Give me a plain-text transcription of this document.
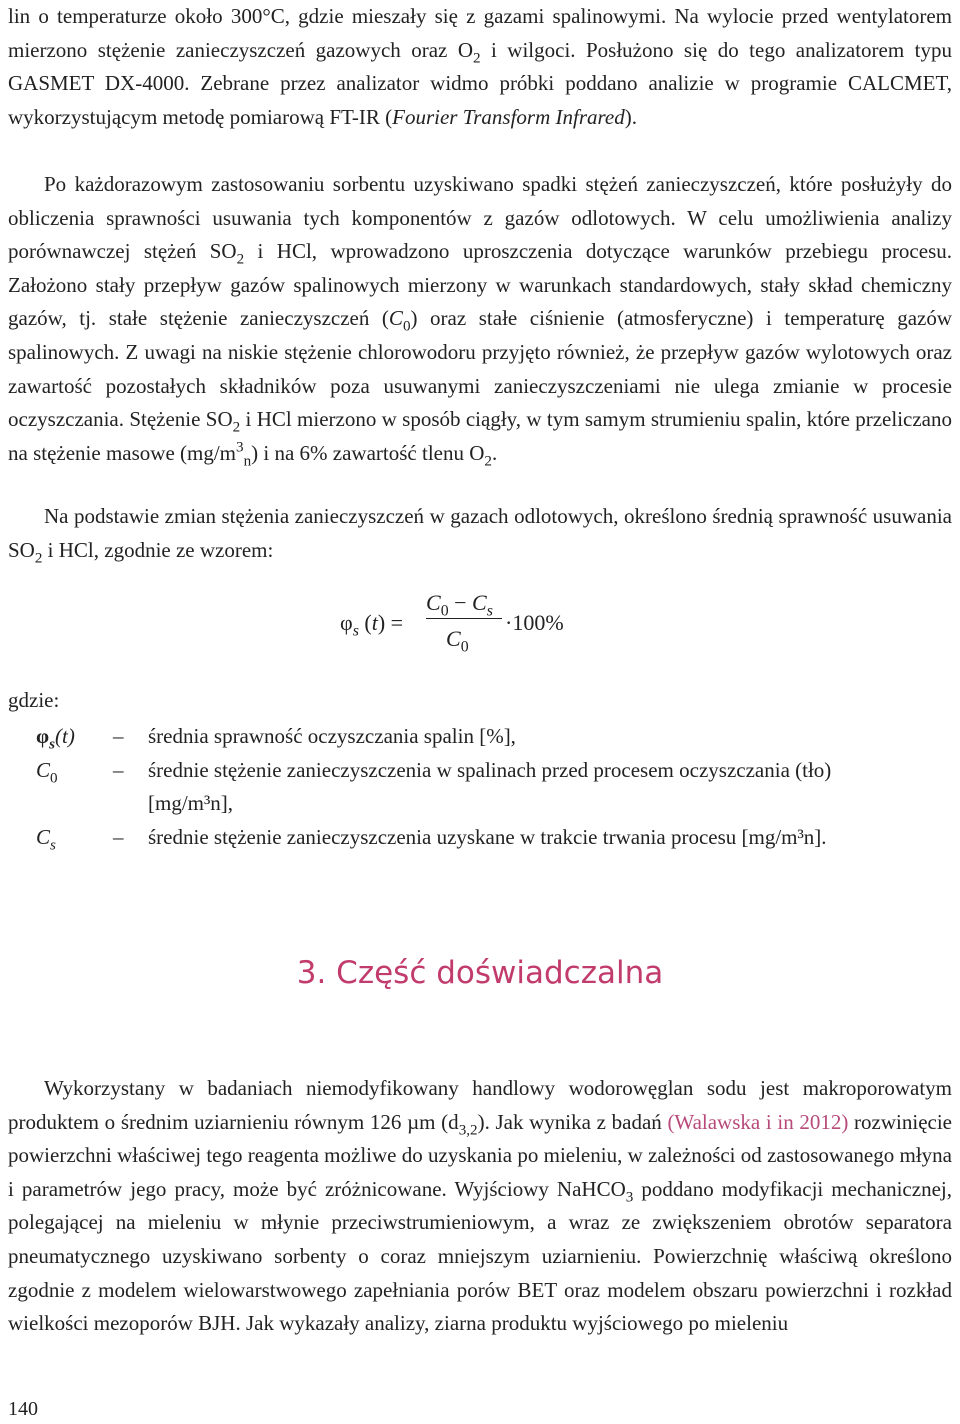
lin o temperaturze około 300°C, gdzie mieszały się z gazami spalinowymi. Na wylocie przed wentylatorem mierzono stężenie zanieczyszczeń gazowych oraz $O_2$ i wilgoci. Posłużono się do tego analizatorem typu GASMET DX-4000. Zebrane przez analizator widmo próbki poddano analizie w programie CALCMET, wykorzystującym metodę pomiarową FT-IR (Fourier Transform Infrared).

Po każdorazowym zastosowaniu sorbentu uzyskiwano spadki stężeń zanieczyszczeń, które posłużyły do obliczenia sprawności usuwania tych komponentów z gazów odlotowych. W celu umożliwienia analizy porównawczej stężeń $SO_2$ i HCl, wprowadzono uproszczenia dotyczące warunków przebiegu procesu. Założono stały przepływ gazów spalinowych mierzony w warunkach standardowych, stały skład chemiczny gazów, tj. stałe stężenie zanieczyszczeń $(C_0)$ oraz stałe ciśnienie (atmosferyczne) i temperaturę gazów spalinowych. Z uwagi na niskie stężenie chlorowodoru przyjęto również, że przepływ gazów wylotowych oraz zawartość pozostałych składników poza usuwanymi zanieczyszczeniami nie ulega zmianie w procesie oczyszczania. Stężenie $SO_2$ i HCl mierzono w sposób ciągły, w tym samym strumieniu spalin, które przeliczano na stężenie masowe $(mg/m^3_n)$ i na 6% zawartość tlenu $O_2$.

Na podstawie zmian stężenia zanieczyszczeń w gazach odlotowych, określono średnią sprawność usuwania $SO_2$ i HCl, zgodnie ze wzorem:

$\varphi_s$ (t) =
$C_0 - C_s$
$C_0$
·100%
gdzie:
$\varphi_s(t)$ – średnia sprawność oczyszczania spalin [%],
$C_0$	– średnie stężenie zanieczyszczenia w spalinach przed procesem oczyszczania (tło)
[mg/m³n],
$C_s$	– średnie stężenie zanieczyszczenia uzyskane w trakcie trwania procesu [mg/m³n].
3. Część doświadczalna

Wykorzystany w badaniach niemodyfikowany handlowy wodorowęglan sodu jest makroporowatym produktem o średnim uziarnieniu równym 126 µm $(d_{3,2})$. Jak wynika z badań (Walawska i in 2012) rozwinięcie powierzchni właściwej tego reagenta możliwe do uzyskania po mieleniu, w zależności od zastosowanego młyna i parametrów jego pracy, może być zróżnicowane. Wyjściowy NaHCO$_3$ poddano modyfikacji mechanicznej, polegającej na mieleniu w młynie przeciwstrumieniowym, a wraz ze zwiększeniem obrotów separatora pneumatycznego uzyskiwano sorbenty o coraz mniejszym uziarnieniu. Powierzchnię właściwą określono zgodnie z modelem wielowarstwowego zapełniania porów BET oraz modelem obszaru powierzchni i rozkład wielkości mezoporów BJH. Jak wykazały analizy, ziarna produktu wyjściowego po mieleniu

140
